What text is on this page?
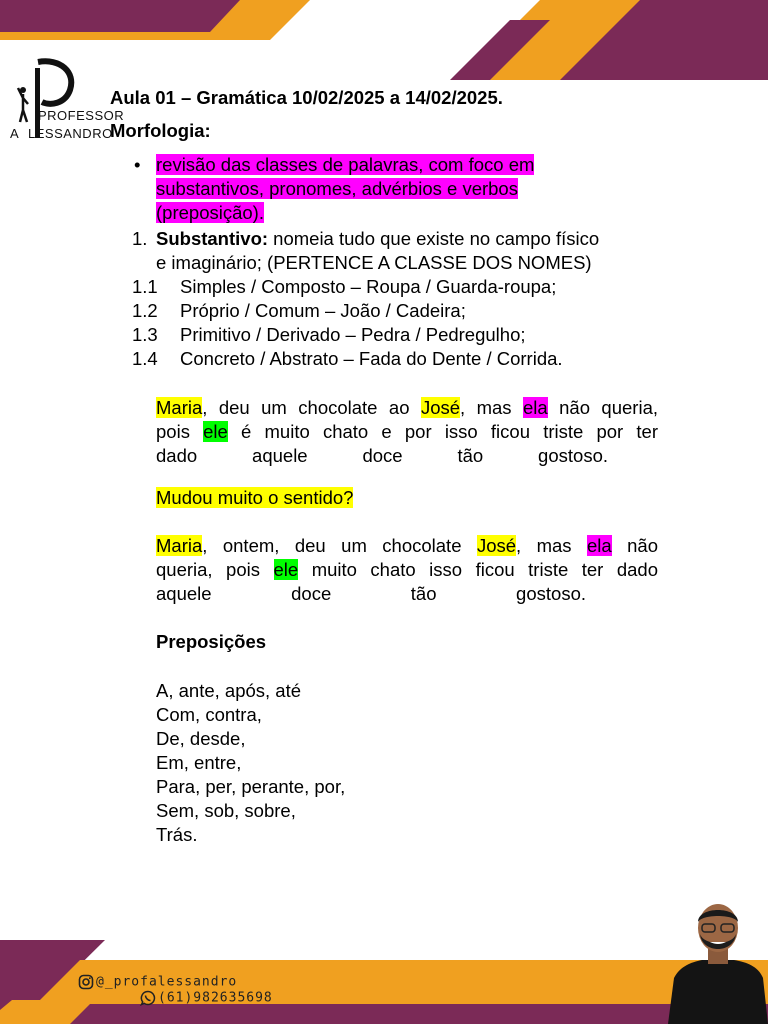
PROFESSOR
A LESSANDRO
Aula 01 – Gramática 10/02/2025 a 14/02/2025.
Morfologia:
• revisão das classes de palavras, com foco em
substantivos, pronomes, advérbios e verbos
(preposição).
1. Substantivo: nomeia tudo que existe no campo físico
e imaginário; (PERTENCE A CLASSE DOS NOMES)
1.1 Simples / Composto – Roupa / Guarda-roupa;
1.2 Próprio / Comum – João / Cadeira;
1.3 Primitivo / Derivado – Pedra / Pedregulho;
1.4 Concreto / Abstrato – Fada do Dente / Corrida.
Maria, deu um chocolate ao José, mas ela não queria,
pois ele é muito chato e por isso ficou triste por ter
dado aquele doce tão gostoso.
Mudou muito o sentido?
Maria, ontem, deu um chocolate José, mas ela não
queria, pois ele muito chato isso ficou triste ter dado
aquele doce tão gostoso.
Preposições
A, ante, após, até
Com, contra,
De, desde,
Em, entre,
Para, per, perante, por,
Sem, sob, sobre,
Trás.
@_profalessandro
(61)982635698
